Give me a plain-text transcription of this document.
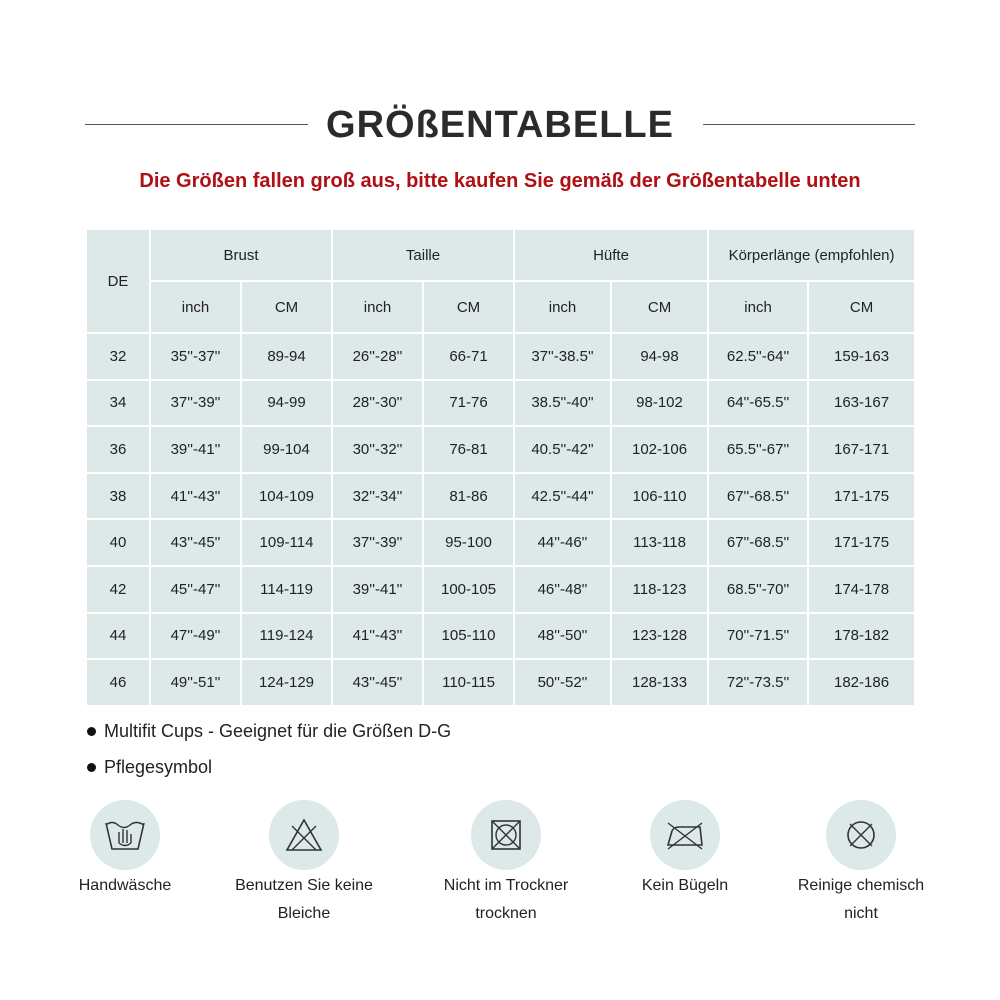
GRÖßENTABELLE
Die Größen fallen groß aus, bitte kaufen Sie gemäß der Größentabelle unten
DE	Brust		Taille		Hüfte		Körperlänge (empfohlen)	
	inch	CM	inch	CM	inch	CM	inch	CM
32	35''-37''	89-94	26''-28''	66-71	37''-38.5''	94-98	62.5''-64''	159-163
34	37''-39''	94-99	28''-30''	71-76	38.5''-40''	98-102	64''-65.5''	163-167
36	39''-41''	99-104	30''-32''	76-81	40.5''-42''	102-106	65.5''-67''	167-171
38	41''-43''	104-109	32''-34''	81-86	42.5''-44''	106-110	67''-68.5''	171-175
40	43''-45''	109-114	37''-39''	95-100	44''-46''	113-118	67''-68.5''	171-175
42	45''-47''	114-119	39''-41''	100-105	46''-48''	118-123	68.5''-70''	174-178
44	47''-49''	119-124	41''-43''	105-110	48''-50''	123-128	70''-71.5''	178-182
46	49''-51''	124-129	43''-45''	110-115	50''-52''	128-133	72''-73.5''	182-186
Multifit Cups - Geeignet für die Größen D-G
Pflegesymbol
Handwäsche	Benutzen Sie keine
Bleiche
Nicht im Trockner
trocknen
Kein Bügeln	Reinige chemisch
nicht
